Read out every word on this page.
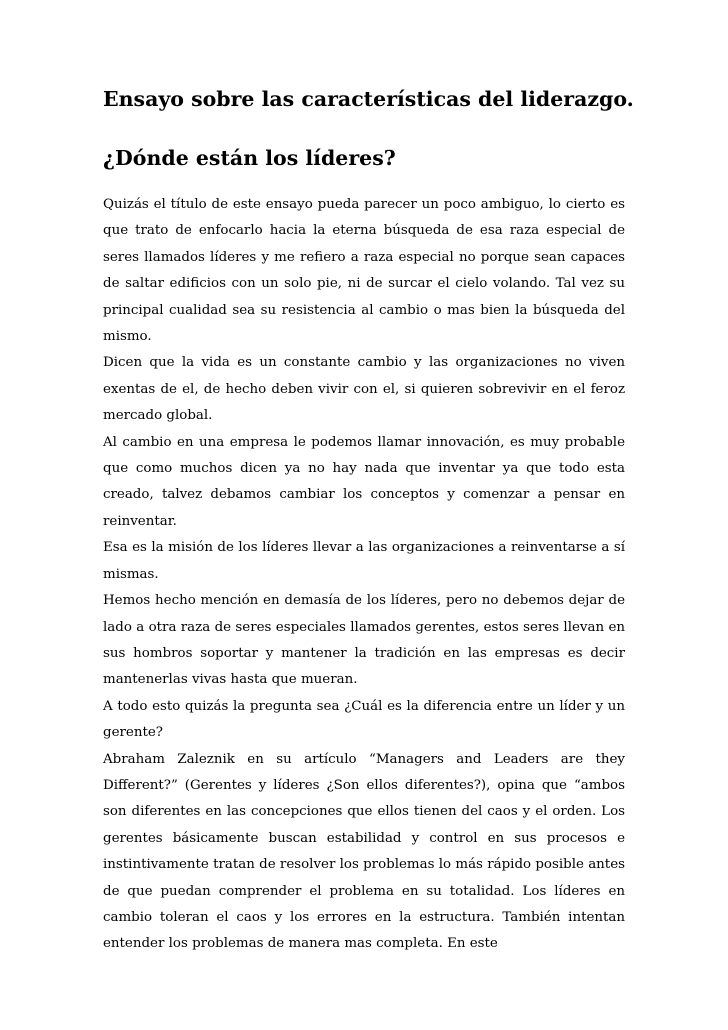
Ensayo sobre las características del liderazgo.
¿Dónde están los líderes?

Quizás el título de este ensayo pueda parecer un poco ambiguo, lo cierto es que trato de enfocarlo hacia la eterna búsqueda de esa raza especial de seres llamados líderes y me refiero a raza especial no porque sean capaces de saltar edificios con un solo pie, ni de surcar el cielo volando. Tal vez su principal cualidad sea su resistencia al cambio o mas bien la búsqueda del mismo.

Dicen que la vida es un constante cambio y las organizaciones no viven exentas de el, de hecho deben vivir con el, si quieren sobrevivir en el feroz mercado global.

Al cambio en una empresa le podemos llamar innovación, es muy probable que como muchos dicen ya no hay nada que inventar ya que todo esta creado, talvez debamos cambiar los conceptos y comenzar a pensar en reinventar.

Esa es la misión de los líderes llevar a las organizaciones a reinventarse a sí mismas.

Hemos hecho mención en demasía de los líderes, pero no debemos dejar de lado a otra raza de seres especiales llamados gerentes, estos seres llevan en sus hombros soportar y mantener la tradición en las empresas es decir mantenerlas vivas hasta que mueran.

A todo esto quizás la pregunta sea ¿Cuál es la diferencia entre un líder y un gerente?

Abraham Zaleznik en su artículo “Managers and Leaders are they Different?” (Gerentes y líderes ¿Son ellos diferentes?), opina que “ambos son diferentes en las concepciones que ellos tienen del caos y el orden. Los gerentes básicamente buscan estabilidad y control en sus procesos e instintivamente tratan de resolver los problemas lo más rápido posible antes de que puedan comprender el problema en su totalidad. Los líderes en cambio toleran el caos y los errores en la estructura. También intentan entender los problemas de manera mas completa. En este
